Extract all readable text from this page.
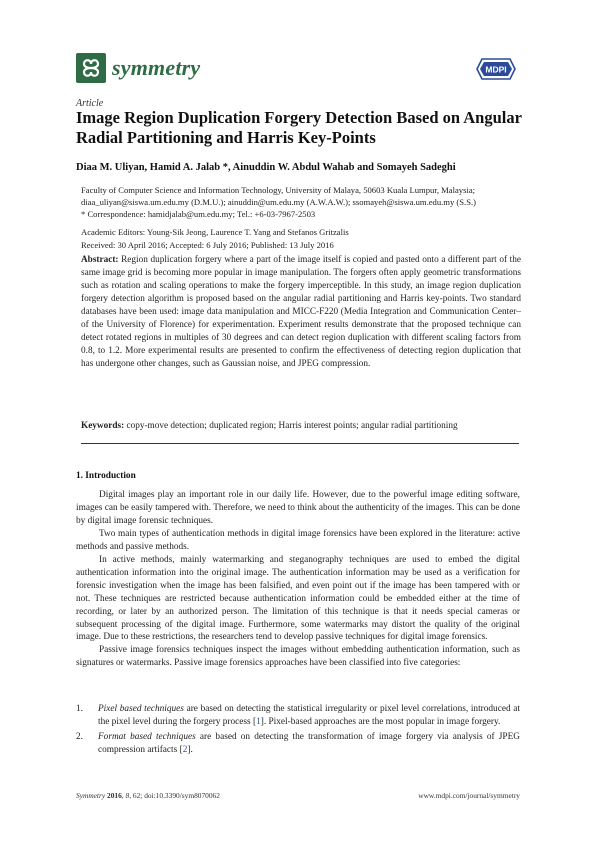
symmetry	MDPI
Article
Image Region Duplication Forgery Detection Based on Angular Radial Partitioning and Harris Key-Points
Diaa M. Uliyan, Hamid A. Jalab *, Ainuddin W. Abdul Wahab and Somayeh Sadeghi
Faculty of Computer Science and Information Technology, University of Malaya, 50603 Kuala Lumpur, Malaysia;
diaa_uliyan@siswa.um.edu.my (D.M.U.); ainuddin@um.edu.my (A.W.A.W.); ssomayeh@siswa.um.edu.my (S.S.)
* Correspondence: hamidjalab@um.edu.my; Tel.: +6-03-7967-2503
Academic Editors: Young-Sik Jeong, Laurence T. Yang and Stefanos Gritzalis
Received: 30 April 2016; Accepted: 6 July 2016; Published: 13 July 2016
Abstract: Region duplication forgery where a part of the image itself is copied and pasted onto a different part of the same image grid is becoming more popular in image manipulation. The forgers often apply geometric transformations such as rotation and scaling operations to make the forgery imperceptible. In this study, an image region duplication forgery detection algorithm is proposed based on the angular radial partitioning and Harris key-points. Two standard databases have been used: image data manipulation and MICC-F220 (Media Integration and Communication Center– of the University of Florence) for experimentation. Experiment results demonstrate that the proposed technique can detect rotated regions in multiples of 30 degrees and can detect region duplication with different scaling factors from 0.8, to 1.2. More experimental results are presented to confirm the effectiveness of detecting region duplication that has undergone other changes, such as Gaussian noise, and JPEG compression.
Keywords: copy-move detection; duplicated region; Harris interest points; angular radial partitioning
1. Introduction

Digital images play an important role in our daily life. However, due to the powerful image editing software, images can be easily tampered with. Therefore, we need to think about the authenticity of the images. This can be done by digital image forensic techniques.

Two main types of authentication methods in digital image forensics have been explored in the literature: active methods and passive methods.

In active methods, mainly watermarking and steganography techniques are used to embed the digital authentication information into the original image. The authentication information may be used as a verification for forensic investigation when the image has been falsified, and even point out if the image has been tampered with or not. These techniques are restricted because authentication information could be embedded either at the time of recording, or later by an authorized person. The limitation of this technique is that it needs special cameras or subsequent processing of the digital image. Furthermore, some watermarks may distort the quality of the original image. Due to these restrictions, the researchers tend to develop passive techniques for digital image forensics.

Passive image forensics techniques inspect the images without embedding authentication information, such as signatures or watermarks. Passive image forensics approaches have been classified into five categories:

1. Pixel based techniques are based on detecting the statistical irregularity or pixel level correlations, introduced at the pixel level during the forgery process [1]. Pixel-based approaches are the most popular in image forgery.
2. Format based techniques are based on detecting the transformation of image forgery via analysis of JPEG compression artifacts [2].
Symmetry 2016, 8, 62; doi:10.3390/sym8070062	www.mdpi.com/journal/symmetry
